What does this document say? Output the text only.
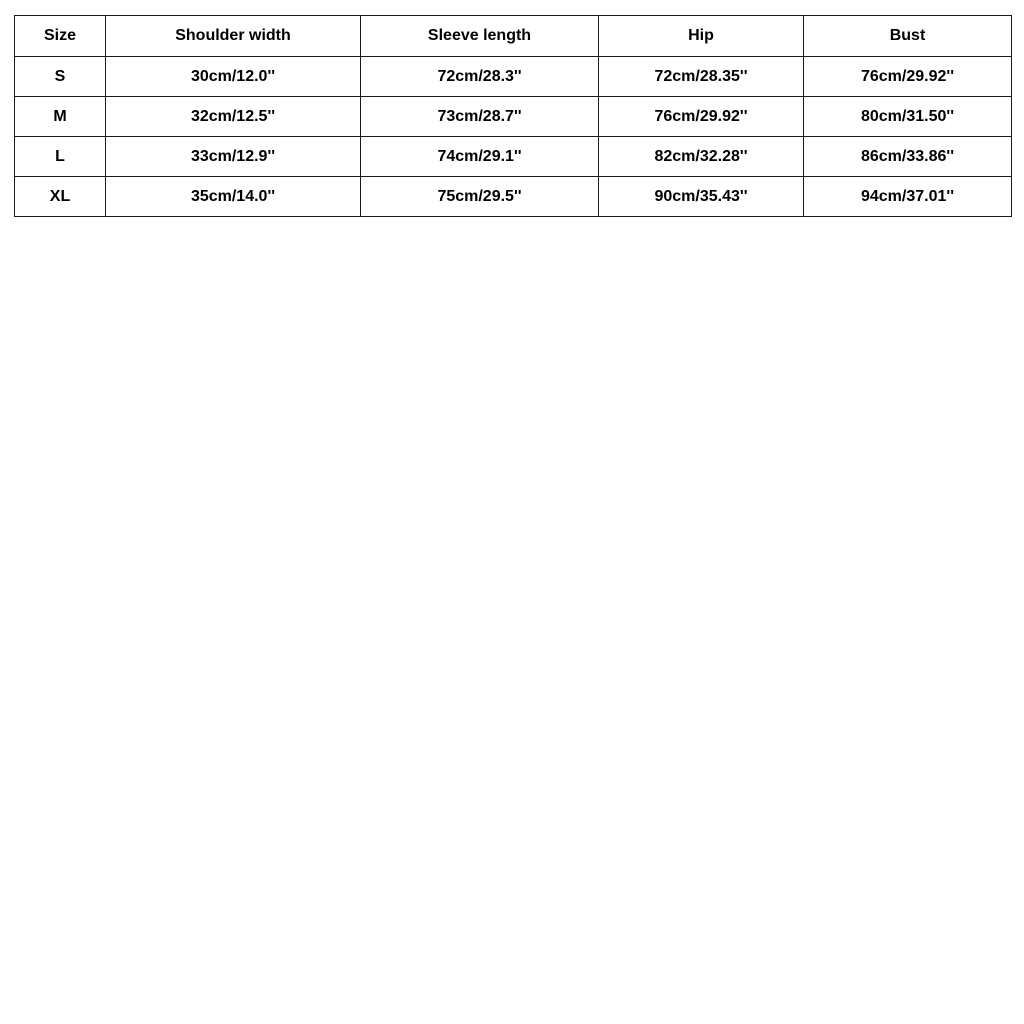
Size	Shoulder width	Sleeve length	Hip	Bust
S	30cm/12.0''	72cm/28.3''	72cm/28.35''	76cm/29.92''
M	32cm/12.5''	73cm/28.7''	76cm/29.92''	80cm/31.50''
L	33cm/12.9''	74cm/29.1''	82cm/32.28''	86cm/33.86''
XL	35cm/14.0''	75cm/29.5''	90cm/35.43''	94cm/37.01''
